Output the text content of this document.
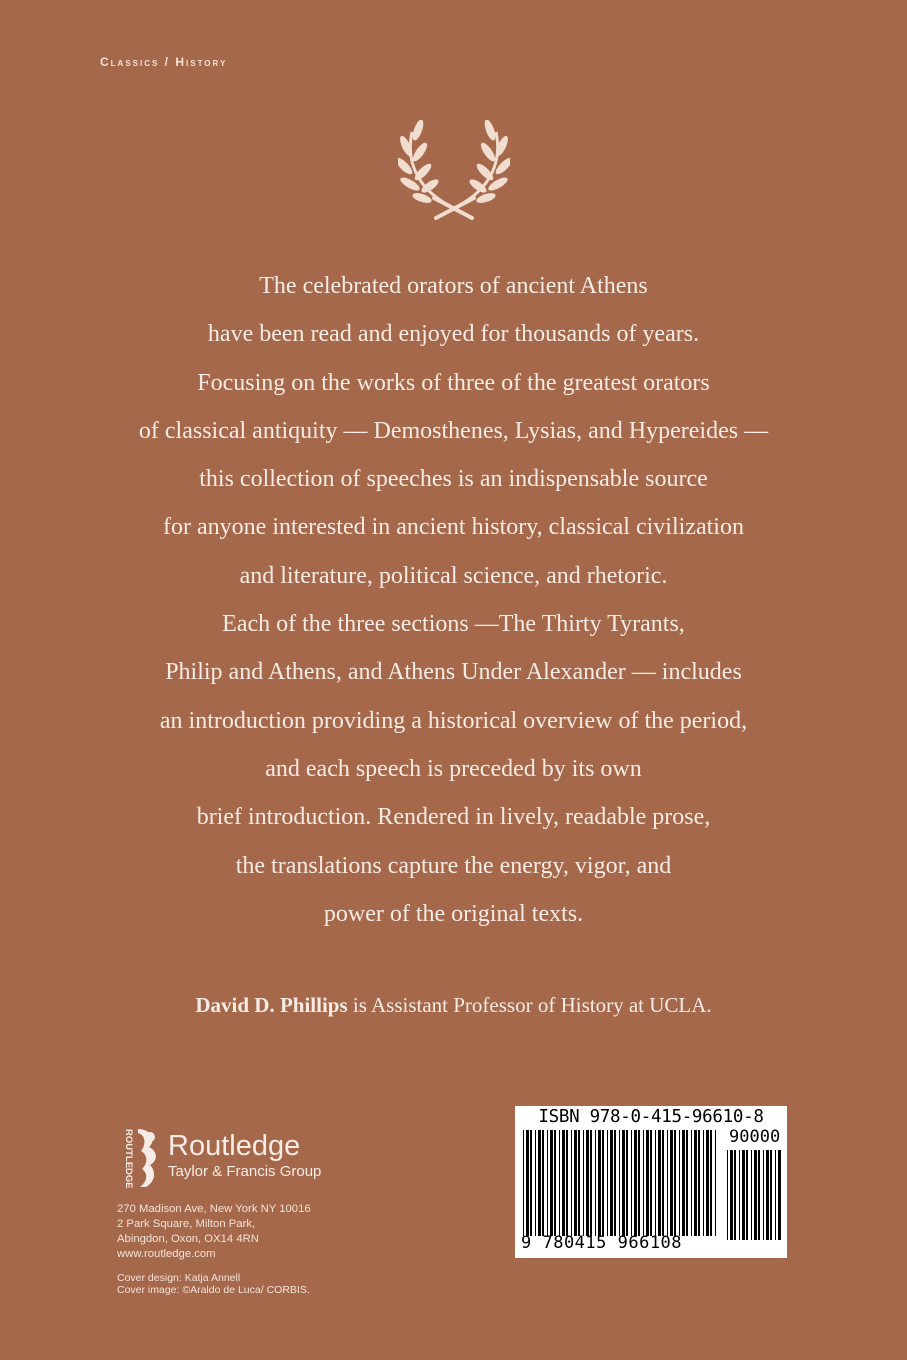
Classics / History

The celebrated orators of ancient Athens
have been read and enjoyed for thousands of years.
Focusing on the works of three of the greatest orators
of classical antiquity — Demosthenes, Lysias, and Hypereides —
this collection of speeches is an indispensable source
for anyone interested in ancient history, classical civilization
and literature, political science, and rhetoric.
Each of the three sections —The Thirty Tyrants,
Philip and Athens, and Athens Under Alexander — includes
an introduction providing a historical overview of the period,
and each speech is preceded by its own
brief introduction. Rendered in lively, readable prose,
the translations capture the energy, vigor, and
power of the original texts.

David D. Phillips is Assistant Professor of History at UCLA.
ROUTLEDGE Routledge
Taylor & Francis Group
270 Madison Ave, New York NY 10016
2 Park Square, Milton Park,
Abingdon, Oxon, OX14 4RN
www.routledge.com
Cover design: Katja Annell
Cover image: ©Araldo de Luca/ CORBIS.
ISBN 978-0-415-96610-8
90000
9 780415 966108
